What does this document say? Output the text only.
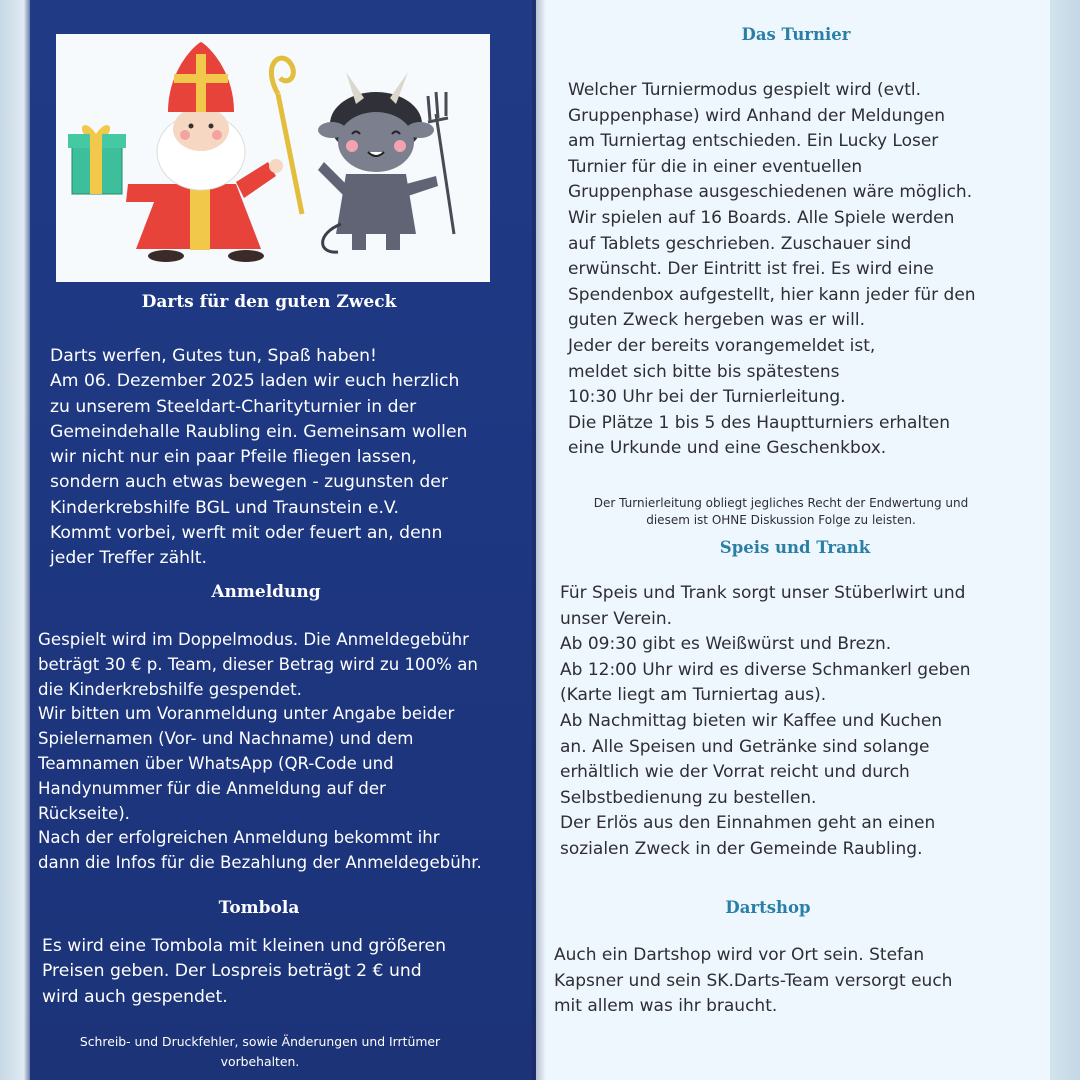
Darts für den guten Zweck
Darts werfen, Gutes tun, Spaß haben!
Am 06. Dezember 2025 laden wir euch herzlich
zu unserem Steeldart-Charityturnier in der
Gemeindehalle Raubling ein. Gemeinsam wollen
wir nicht nur ein paar Pfeile fliegen lassen,
sondern auch etwas bewegen - zugunsten der
Kinderkrebshilfe BGL und Traunstein e.V.
Kommt vorbei, werft mit oder feuert an, denn
jeder Treffer zählt.
Anmeldung
Gespielt wird im Doppelmodus. Die Anmeldegebühr
beträgt 30 € p. Team, dieser Betrag wird zu 100% an
die Kinderkrebshilfe gespendet.
Wir bitten um Voranmeldung unter Angabe beider
Spielernamen (Vor- und Nachname) und dem
Teamnamen über WhatsApp (QR-Code und
Handynummer für die Anmeldung auf der
Rückseite).
Nach der erfolgreichen Anmeldung bekommt ihr
dann die Infos für die Bezahlung der Anmeldegebühr.
Tombola
Es wird eine Tombola mit kleinen und größeren
Preisen geben. Der Lospreis beträgt 2 € und
wird auch gespendet.
Schreib- und Druckfehler, sowie Änderungen und Irrtümer
vorbehalten.
Das Turnier
Welcher Turniermodus gespielt wird (evtl.
Gruppenphase) wird Anhand der Meldungen
am Turniertag entschieden. Ein Lucky Loser
Turnier für die in einer eventuellen
Gruppenphase ausgeschiedenen wäre möglich.
Wir spielen auf 16 Boards. Alle Spiele werden
auf Tablets geschrieben. Zuschauer sind
erwünscht. Der Eintritt ist frei. Es wird eine
Spendenbox aufgestellt, hier kann jeder für den
guten Zweck hergeben was er will.
Jeder der bereits vorangemeldet ist,
meldet sich bitte bis spätestens
10:30 Uhr bei der Turnierleitung.
Die Plätze 1 bis 5 des Hauptturniers erhalten
eine Urkunde und eine Geschenkbox.
Der Turnierleitung obliegt jegliches Recht der Endwertung und
diesem ist OHNE Diskussion Folge zu leisten.
Speis und Trank
Für Speis und Trank sorgt unser Stüberlwirt und
unser Verein.
Ab 09:30 gibt es Weißwürst und Brezn.
Ab 12:00 Uhr wird es diverse Schmankerl geben
(Karte liegt am Turniertag aus).
Ab Nachmittag bieten wir Kaffee und Kuchen
an. Alle Speisen und Getränke sind solange
erhältlich wie der Vorrat reicht und durch
Selbstbedienung zu bestellen.
Der Erlös aus den Einnahmen geht an einen
sozialen Zweck in der Gemeinde Raubling.
Dartshop
Auch ein Dartshop wird vor Ort sein. Stefan
Kapsner und sein SK.Darts-Team versorgt euch
mit allem was ihr braucht.
